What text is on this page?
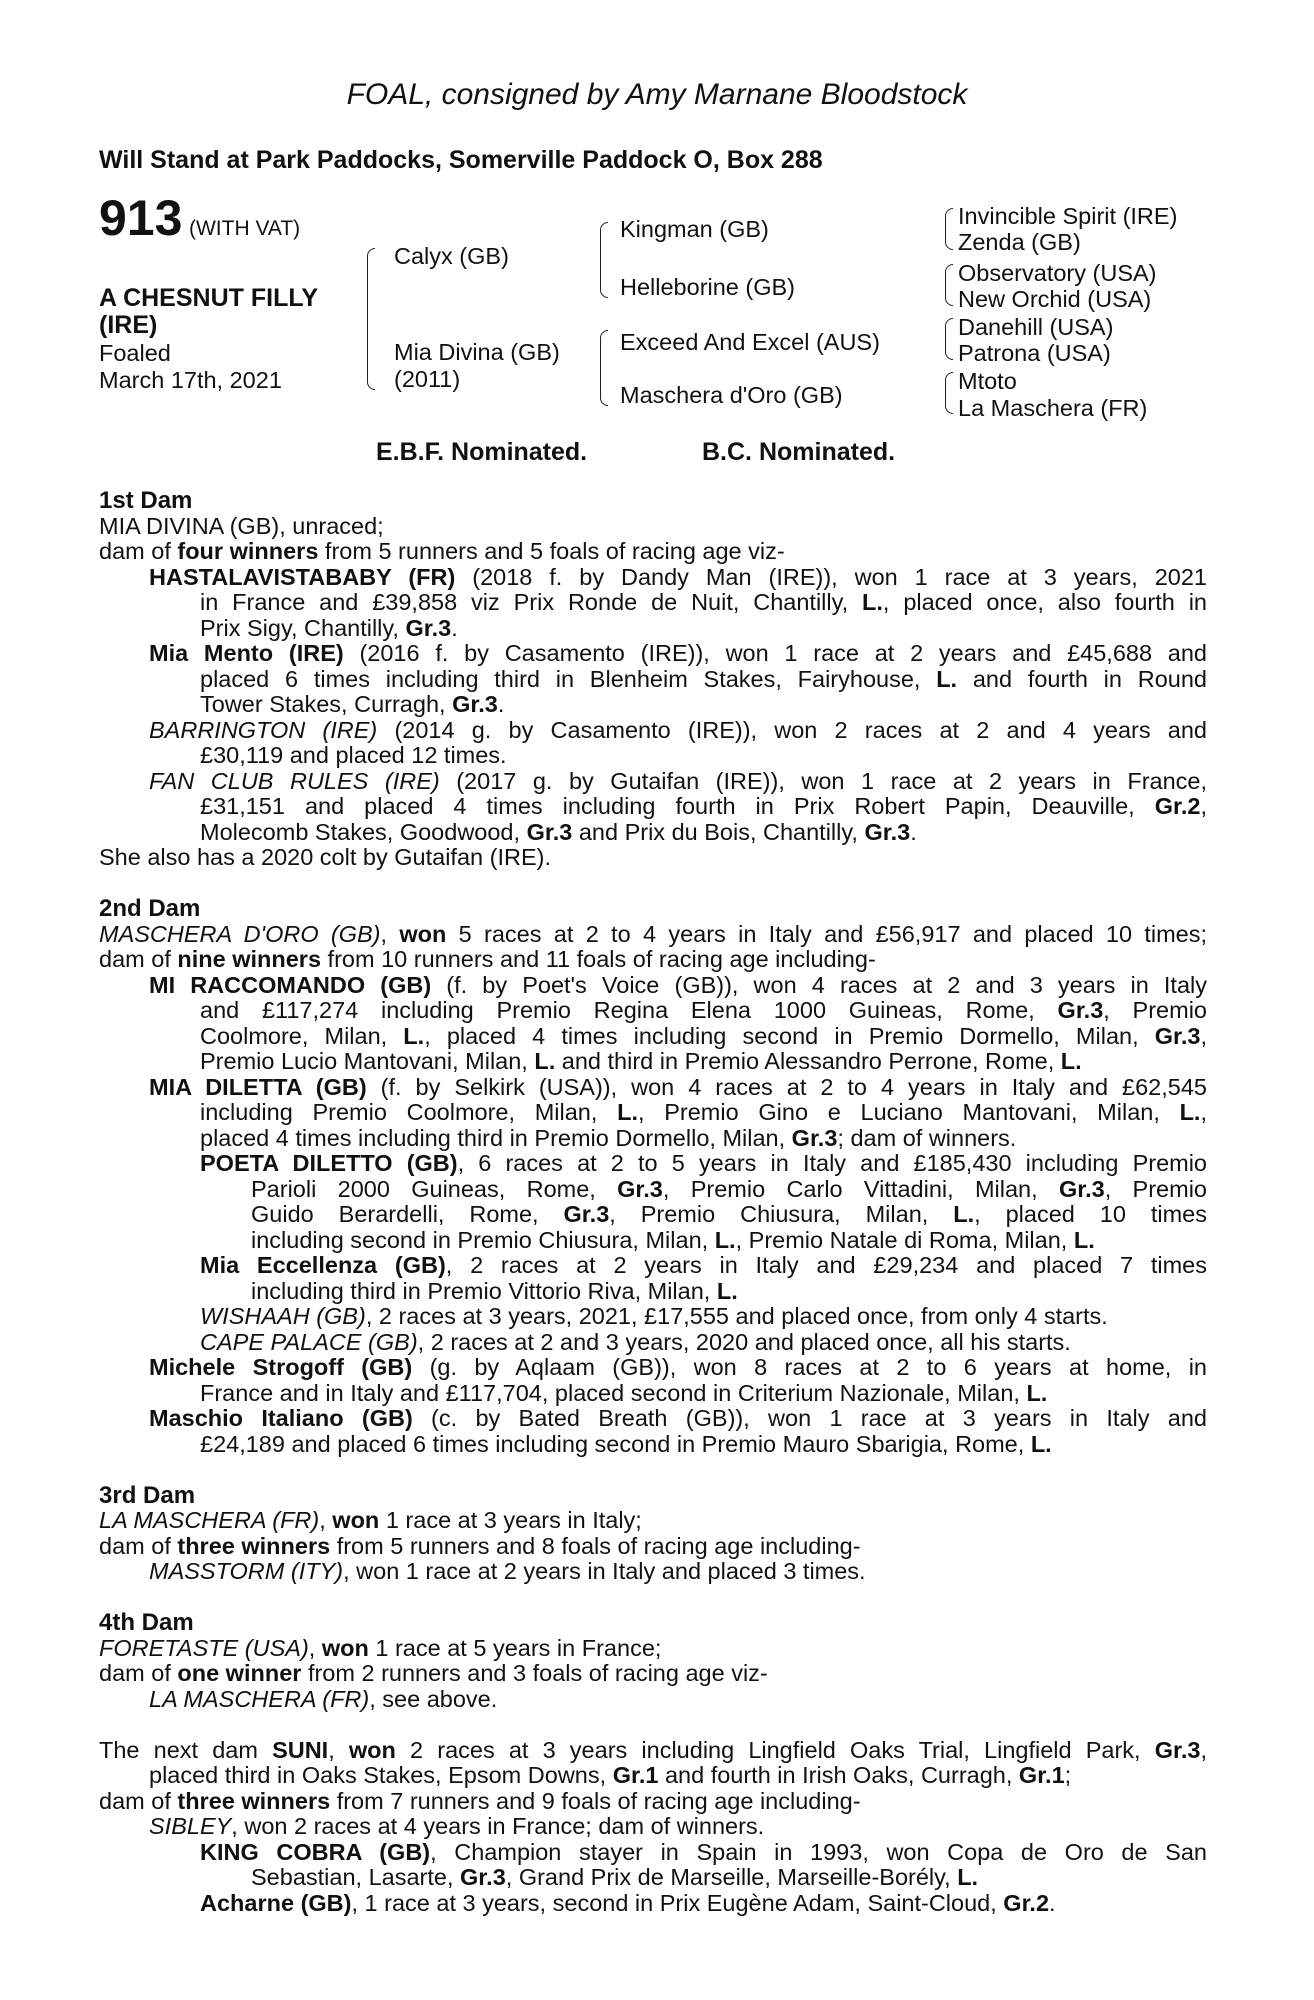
FOAL, consigned by Amy Marnane Bloodstock
Will Stand at Park Paddocks, Somerville Paddock O, Box 288
913 (WITH VAT)
A CHESNUT FILLY
(IRE)
Foaled
March 17th, 2021
Calyx (GB)
Mia Divina (GB)
(2011)
Kingman (GB)
Helleborine (GB)
Exceed And Excel (AUS)
Maschera d'Oro (GB)
Invincible Spirit (IRE)
Zenda (GB)
Observatory (USA)
New Orchid (USA)
Danehill (USA)
Patrona (USA)
Mtoto
La Maschera (FR)
E.B.F. Nominated.	B.C. Nominated.
1st Dam
MIA DIVINA (GB), unraced;
dam of four winners from 5 runners and 5 foals of racing age viz-
HASTALAVISTABABY (FR) (2018 f. by Dandy Man (IRE)), won 1 race at 3 years, 2021
in France and £39,858 viz Prix Ronde de Nuit, Chantilly, L., placed once, also fourth in
Prix Sigy, Chantilly, Gr.3.
Mia Mento (IRE) (2016 f. by Casamento (IRE)), won 1 race at 2 years and £45,688 and
placed 6 times including third in Blenheim Stakes, Fairyhouse, L. and fourth in Round
Tower Stakes, Curragh, Gr.3.
BARRINGTON (IRE) (2014 g. by Casamento (IRE)), won 2 races at 2 and 4 years and
£30,119 and placed 12 times.
FAN CLUB RULES (IRE) (2017 g. by Gutaifan (IRE)), won 1 race at 2 years in France,
£31,151 and placed 4 times including fourth in Prix Robert Papin, Deauville, Gr.2,
Molecomb Stakes, Goodwood, Gr.3 and Prix du Bois, Chantilly, Gr.3.
She also has a 2020 colt by Gutaifan (IRE).
2nd Dam
MASCHERA D'ORO (GB), won 5 races at 2 to 4 years in Italy and £56,917 and placed 10 times;
dam of nine winners from 10 runners and 11 foals of racing age including-
MI RACCOMANDO (GB) (f. by Poet's Voice (GB)), won 4 races at 2 and 3 years in Italy
and £117,274 including Premio Regina Elena 1000 Guineas, Rome, Gr.3, Premio
Coolmore, Milan, L., placed 4 times including second in Premio Dormello, Milan, Gr.3,
Premio Lucio Mantovani, Milan, L. and third in Premio Alessandro Perrone, Rome, L.
MIA DILETTA (GB) (f. by Selkirk (USA)), won 4 races at 2 to 4 years in Italy and £62,545
including Premio Coolmore, Milan, L., Premio Gino e Luciano Mantovani, Milan, L.,
placed 4 times including third in Premio Dormello, Milan, Gr.3; dam of winners.
POETA DILETTO (GB), 6 races at 2 to 5 years in Italy and £185,430 including Premio
Parioli 2000 Guineas, Rome, Gr.3, Premio Carlo Vittadini, Milan, Gr.3, Premio
Guido Berardelli, Rome, Gr.3, Premio Chiusura, Milan, L., placed 10 times
including second in Premio Chiusura, Milan, L., Premio Natale di Roma, Milan, L.
Mia Eccellenza (GB), 2 races at 2 years in Italy and £29,234 and placed 7 times
including third in Premio Vittorio Riva, Milan, L.
WISHAAH (GB), 2 races at 3 years, 2021, £17,555 and placed once, from only 4 starts.
CAPE PALACE (GB), 2 races at 2 and 3 years, 2020 and placed once, all his starts.
Michele Strogoff (GB) (g. by Aqlaam (GB)), won 8 races at 2 to 6 years at home, in
France and in Italy and £117,704, placed second in Criterium Nazionale, Milan, L.
Maschio Italiano (GB) (c. by Bated Breath (GB)), won 1 race at 3 years in Italy and
£24,189 and placed 6 times including second in Premio Mauro Sbarigia, Rome, L.
3rd Dam
LA MASCHERA (FR), won 1 race at 3 years in Italy;
dam of three winners from 5 runners and 8 foals of racing age including-
MASSTORM (ITY), won 1 race at 2 years in Italy and placed 3 times.
4th Dam
FORETASTE (USA), won 1 race at 5 years in France;
dam of one winner from 2 runners and 3 foals of racing age viz-
LA MASCHERA (FR), see above.
The next dam SUNI, won 2 races at 3 years including Lingfield Oaks Trial, Lingfield Park, Gr.3,
placed third in Oaks Stakes, Epsom Downs, Gr.1 and fourth in Irish Oaks, Curragh, Gr.1;
dam of three winners from 7 runners and 9 foals of racing age including-
SIBLEY, won 2 races at 4 years in France; dam of winners.
KING COBRA (GB), Champion stayer in Spain in 1993, won Copa de Oro de San
Sebastian, Lasarte, Gr.3, Grand Prix de Marseille, Marseille-Borély, L.
Acharne (GB), 1 race at 3 years, second in Prix Eugène Adam, Saint-Cloud, Gr.2.
